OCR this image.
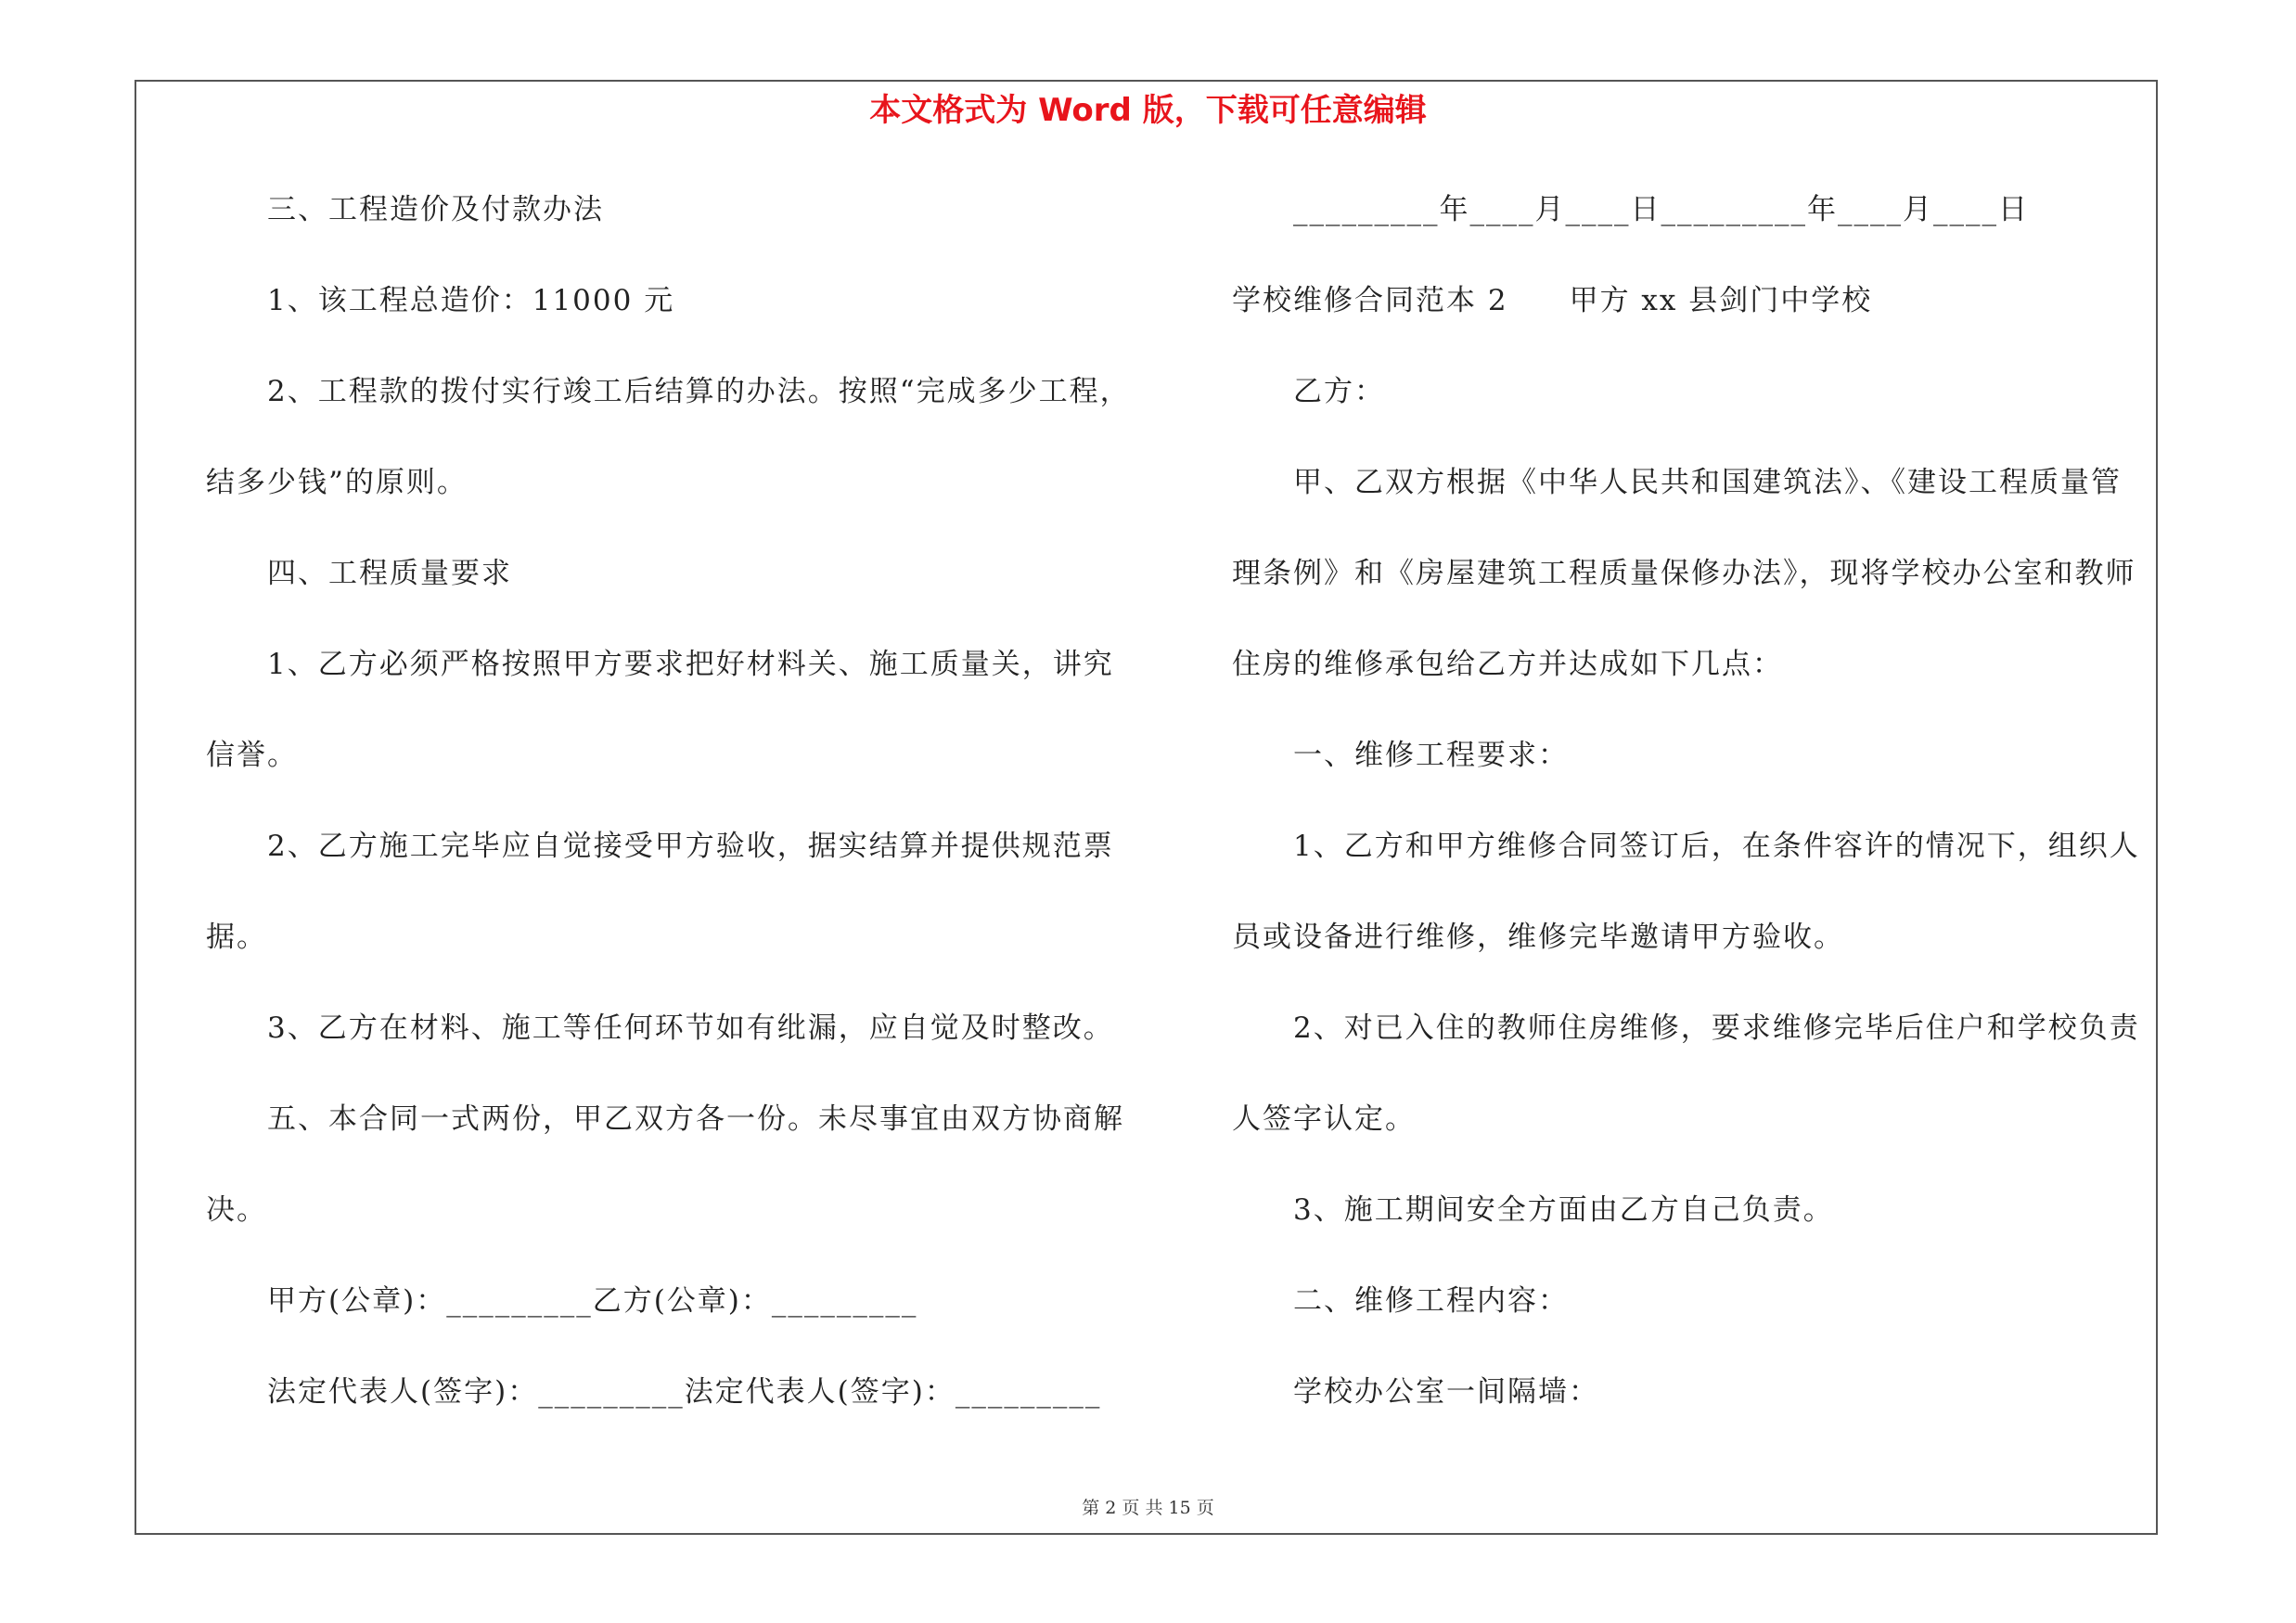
本文格式为 Word 版，下载可任意编辑
三、工程造价及付款办法
1、该工程总造价：11000 元
2、工程款的拨付实行竣工后结算的办法。按照“完成多少工程，
结多少钱”的原则。
四、工程质量要求
1、乙方必须严格按照甲方要求把好材料关、施工质量关，讲究
信誉。
2、乙方施工完毕应自觉接受甲方验收，据实结算并提供规范票
据。
3、乙方在材料、施工等任何环节如有纰漏，应自觉及时整改。
五、本合同一式两份，甲乙双方各一份。未尽事宜由双方协商解
决。
甲方(公章)：_________乙方(公章)：_________
法定代表人(签字)：_________法定代表人(签字)：_________
_________年____月____日_________年____月____日
学校维修合同范本 2　　甲方 xx 县剑门中学校
乙方：
甲、乙双方根据《中华人民共和国建筑法》、《建设工程质量管
理条例》和《房屋建筑工程质量保修办法》，现将学校办公室和教师
住房的维修承包给乙方并达成如下几点：
一、维修工程要求：
1、乙方和甲方维修合同签订后，在条件容许的情况下，组织人
员或设备进行维修，维修完毕邀请甲方验收。
2、对已入住的教师住房维修，要求维修完毕后住户和学校负责
人签字认定。
3、施工期间安全方面由乙方自己负责。
二、维修工程内容：
学校办公室一间隔墙：
第 2 页 共 15 页
